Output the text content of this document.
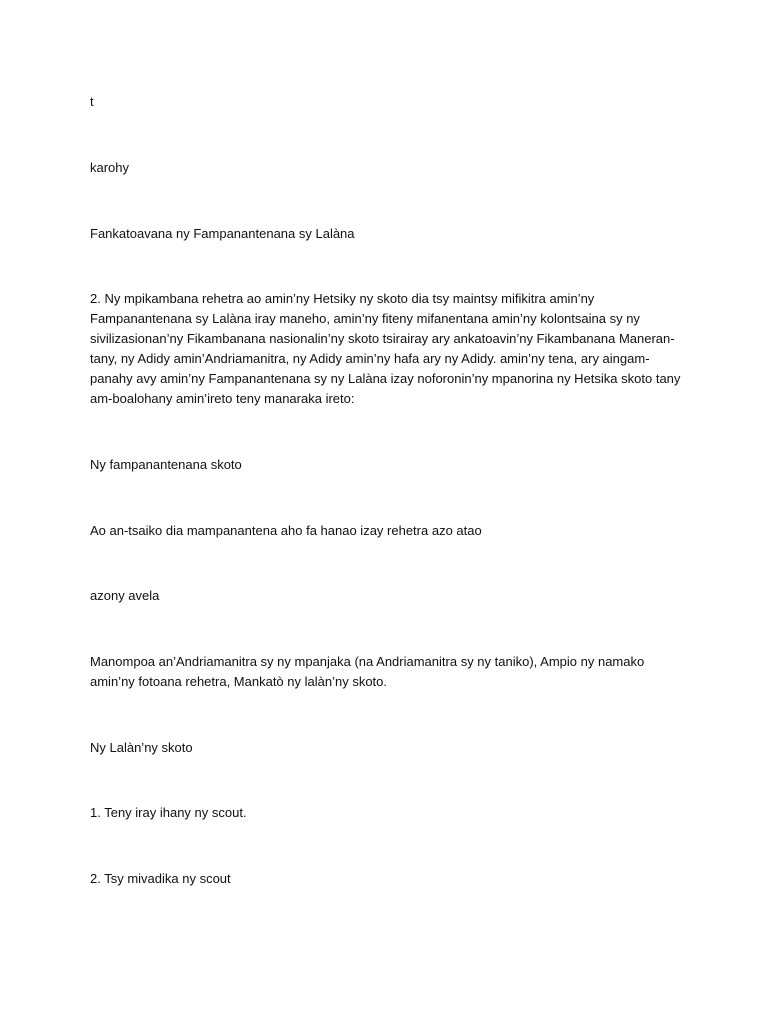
t

karohy

Fankatoavana ny Fampanantenana sy Lalàna

2. Ny mpikambana rehetra ao amin’ny Hetsiky ny skoto dia tsy maintsy mifikitra amin’ny
Fampanantenana sy Lalàna iray maneho, amin’ny fiteny mifanentana amin’ny kolontsaina sy ny
sivilizasionan’ny Fikambanana nasionalin’ny skoto tsirairay ary ankatoavin’ny Fikambanana Maneran-
tany, ny Adidy amin’Andriamanitra, ny Adidy amin’ny hafa ary ny Adidy. amin’ny tena, ary aingam-
panahy avy amin’ny Fampanantenana sy ny Lalàna izay noforonin’ny mpanorina ny Hetsika skoto tany
am-boalohany amin’ireto teny manaraka ireto:

Ny fampanantenana skoto

Ao an-tsaiko dia mampanantena aho fa hanao izay rehetra azo atao

azony avela

Manompoa an’Andriamanitra sy ny mpanjaka (na Andriamanitra sy ny taniko), Ampio ny namako
amin’ny fotoana rehetra, Mankatò ny lalàn’ny skoto.

Ny Lalàn’ny skoto

1. Teny iray ihany ny scout.

2. Tsy mivadika ny scout
